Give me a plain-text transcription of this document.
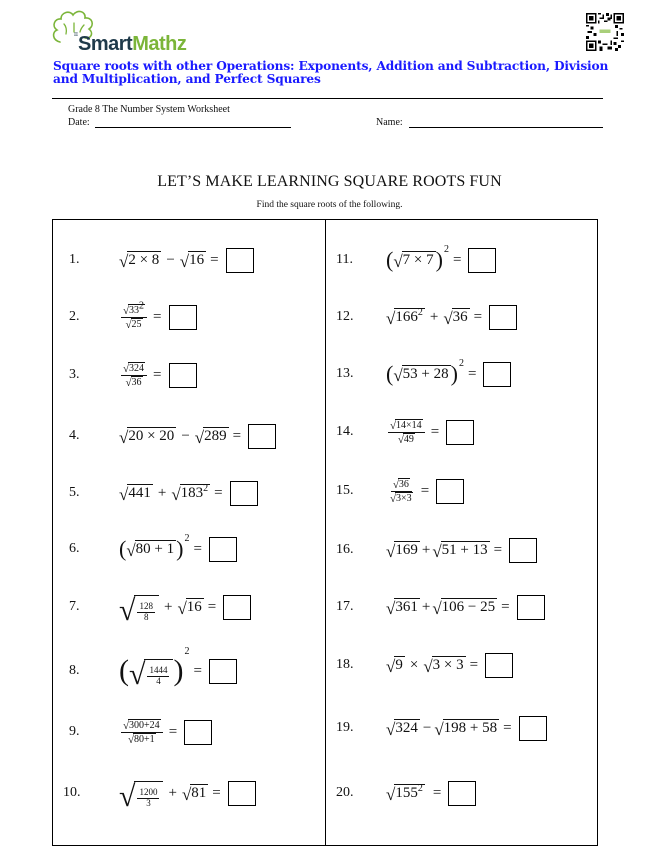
π SmartMathz
Square roots with other Operations: Exponents, Addition and Subtraction, Division and Multiplication, and Perfect Squares
Grade 8 The Number System Worksheet
Date:	Name:
LET’S MAKE LEARNING SQUARE ROOTS FUN
Find the square roots of the following.
1.	√ 2 × 8 − √ 16 =
2.	$\frac{√ 33^2}{√ 25}$ =
3.	$\frac{√ 324}{√ 36}$ =
4.	√ 20 × 20 − √ 289 =
5.	√ 441 + √ $183^2$ =
6.	( √ 80 + 1 ) 2
=
7.	√ $\frac{128}{8}$ + √ 16 =
8.	( √ $\frac{1444}{4}$ )
2
=
9.	$\frac{√ 300+24}{√ 80+1}$ =
10.	√ $\frac{1200}{3}$ + √ 81 =
11.	( √ 7 × 7 ) 2
=
12.	√ $166^2$ + √ 36 =
13.	( √ 53 + 28 ) 2
=
14.	$\frac{√ 14\times 14}{√ 49}$ =
15.	$\frac{√ 36}{√ 3\times 3}$ =
16.	√ 169 + √ 51 + 13 =
17.	√ 361 + √ 106 − 25 =
18.	√ 9 × √ 3 × 3 =
19.	√ 324 − √ 198 + 58 =
20.	√ $155^2$ =
